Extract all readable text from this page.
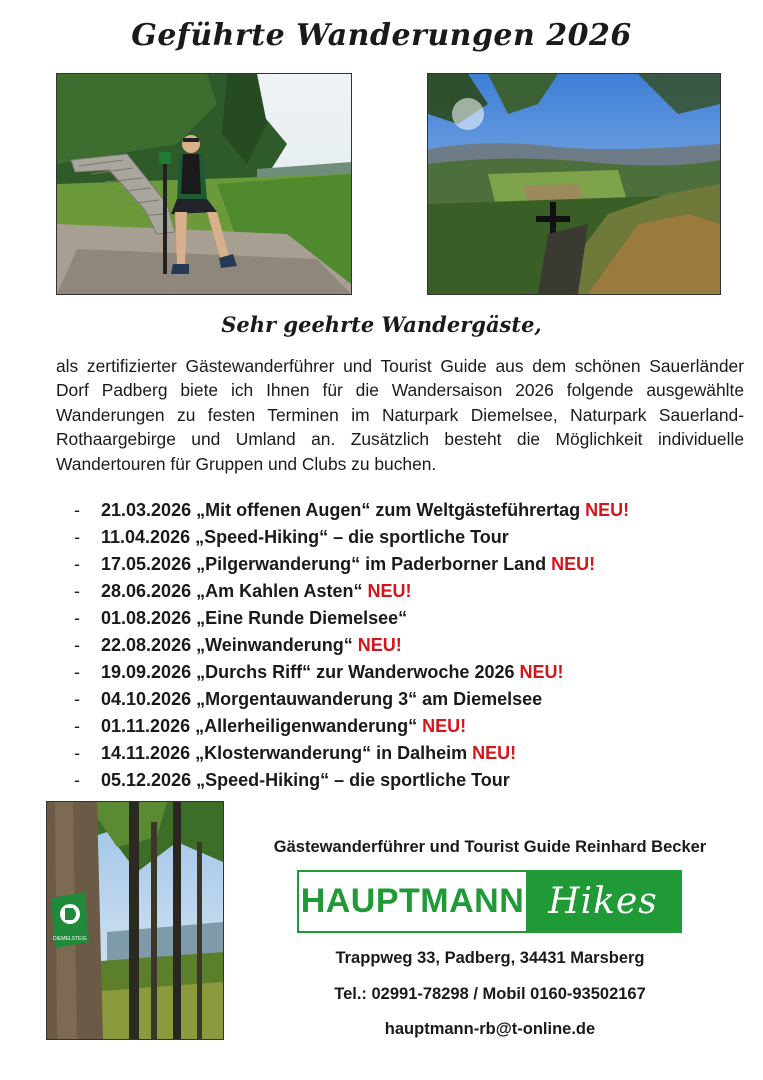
Geführte Wanderungen 2026
Sehr geehrte Wandergäste,
als zertifizierter Gästewanderführer und Tourist Guide aus dem schönen Sauerländer Dorf Padberg biete ich Ihnen für die Wandersaison 2026 folgende ausgewählte Wanderungen zu festen Terminen im Naturpark Diemelsee, Naturpark Sauerland-Rothaargebirge und Umland an. Zusätzlich besteht die Möglichkeit individuelle Wandertouren für Gruppen und Clubs zu buchen.
- 21.03.2026 „Mit offenen Augen“ zum Weltgästeführertag NEU!
- 11.04.2026 „Speed-Hiking“ – die sportliche Tour
- 17.05.2026 „Pilgerwanderung“ im Paderborner Land NEU!
- 28.06.2026 „Am Kahlen Asten“ NEU!
- 01.08.2026 „Eine Runde Diemelsee“
- 22.08.2026 „Weinwanderung“ NEU!
- 19.09.2026 „Durchs Riff“ zur Wanderwoche 2026 NEU!
- 04.10.2026 „Morgentauwanderung 3“ am Diemelsee
- 01.11.2026 „Allerheiligenwanderung“ NEU!
- 14.11.2026 „Klosterwanderung“ in Dalheim NEU!
- 05.12.2026 „Speed-Hiking“ – die sportliche Tour
DIEMELSTEIG
Gästewanderführer und Tourist Guide Reinhard Becker
HAUPTMANN Hikes
Trappweg 33, Padberg, 34431 Marsberg
Tel.: 02991-78298 / Mobil 0160-93502167
hauptmann-rb@t-online.de
